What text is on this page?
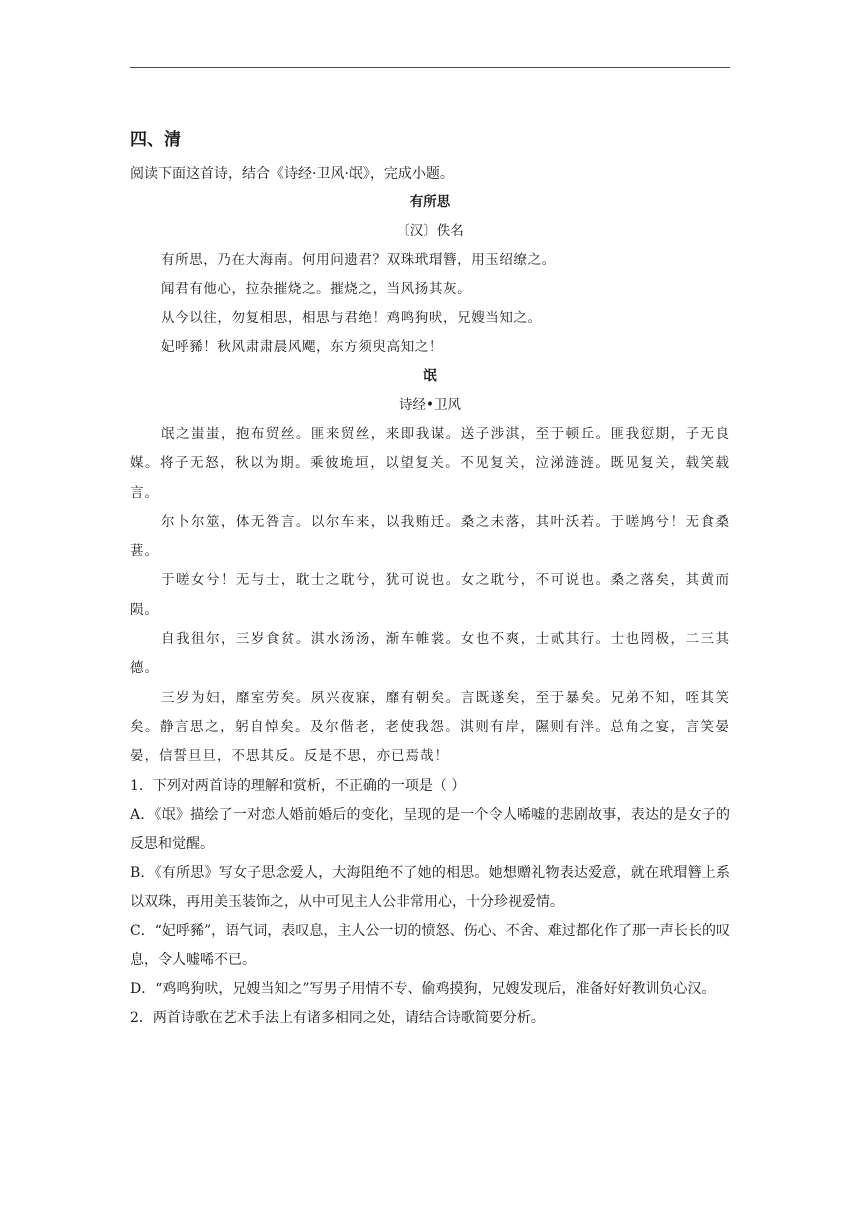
四、清
阅读下面这首诗，结合《诗经·卫风·氓》，完成小题。
有所思
〔汉〕佚名
有所思，乃在大海南。何用问遗君？双珠玳瑁簪，用玉绍缭之。
闻君有他心，拉杂摧烧之。摧烧之，当风扬其灰。
从今以往，勿复相思，相思与君绝！鸡鸣狗吠，兄嫂当知之。
妃呼豨！秋风肃肃晨风飔，东方须臾高知之！
氓
诗经•卫风
氓之蚩蚩，抱布贸丝。匪来贸丝，来即我谋。送子涉淇，至于顿丘。匪我愆期，子无良媒。将子无怒，秋以为期。乘彼垝垣，以望复关。不见复关，泣涕涟涟。既见复关，载笑载言。
尔卜尔筮，体无咎言。以尔车来，以我贿迁。桑之未落，其叶沃若。于嗟鸠兮！无食桑葚。
于嗟女兮！无与士，耽士之耽兮，犹可说也。女之耽兮，不可说也。桑之落矣，其黄而陨。
自我徂尔，三岁食贫。淇水汤汤，渐车帷裳。女也不爽，士贰其行。士也罔极，二三其德。
三岁为妇，靡室劳矣。夙兴夜寐，靡有朝矣。言既遂矣，至于暴矣。兄弟不知，咥其笑矣。静言思之，躬自悼矣。及尔偕老，老使我怨。淇则有岸，隰则有泮。总角之宴，言笑晏晏，信誓旦旦，不思其反。反是不思，亦已焉哉！
1．下列对两首诗的理解和赏析，不正确的一项是（ ）
A．《氓》描绘了一对恋人婚前婚后的变化，呈现的是一个令人唏嘘的悲剧故事，表达的是女子的反思和觉醒。
B．《有所思》写女子思念爱人，大海阻绝不了她的相思。她想赠礼物表达爱意，就在玳瑁簪上系以双珠，再用美玉装饰之，从中可见主人公非常用心，十分珍视爱情。
C．“妃呼豨”，语气词，表叹息，主人公一切的愤怒、伤心、不舍、难过都化作了那一声长长的叹息，令人嘘唏不已。
D．“鸡鸣狗吠，兄嫂当知之”写男子用情不专、偷鸡摸狗，兄嫂发现后，准备好好教训负心汉。
2．两首诗歌在艺术手法上有诸多相同之处，请结合诗歌简要分析。
